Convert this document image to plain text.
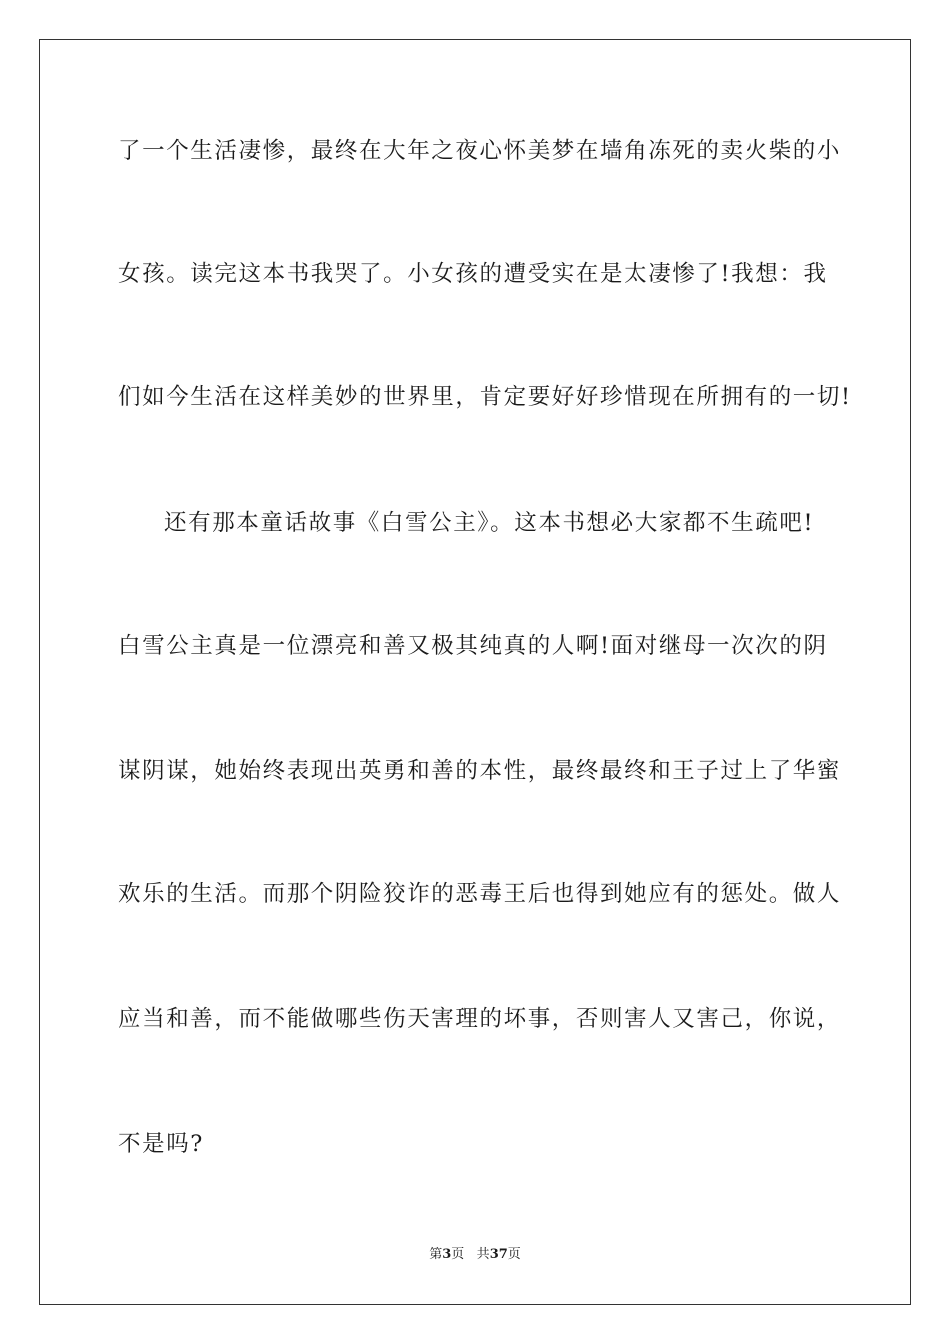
了一个生活凄惨，最终在大年之夜心怀美梦在墙角冻死的卖火柴的小
女孩。读完这本书我哭了。小女孩的遭受实在是太凄惨了!我想：我
们如今生活在这样美妙的世界里，肯定要好好珍惜现在所拥有的一切!
还有那本童话故事《白雪公主》。这本书想必大家都不生疏吧!
白雪公主真是一位漂亮和善又极其纯真的人啊!面对继母一次次的阴
谋阴谋，她始终表现出英勇和善的本性，最终最终和王子过上了华蜜
欢乐的生活。而那个阴险狡诈的恶毒王后也得到她应有的惩处。做人
应当和善，而不能做哪些伤天害理的坏事，否则害人又害己，你说，
不是吗?
第3页 共37页
